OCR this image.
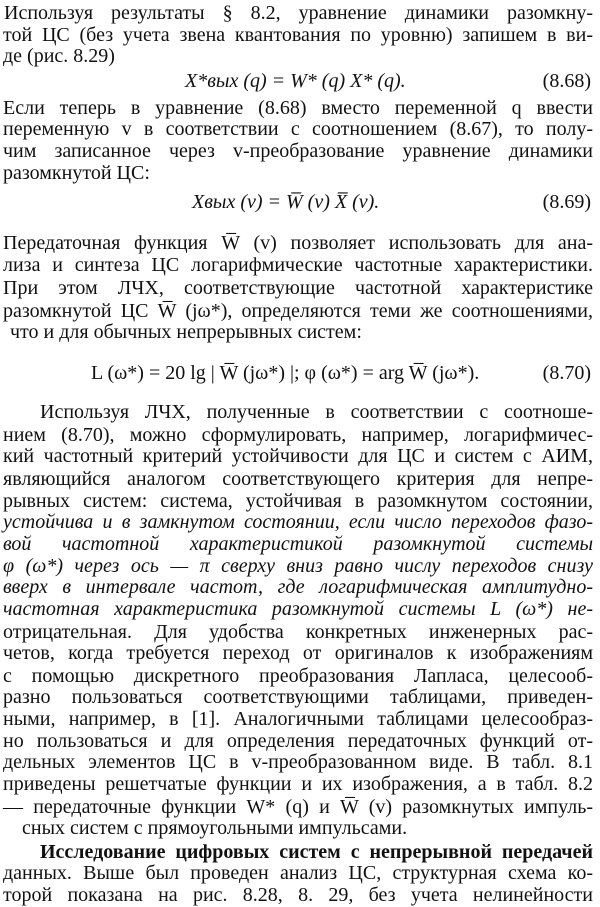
Используя результаты § 8.2, уравнение динамики разомкну-
той ЦС (без учета звена квантования по уровню) запишем в ви-
де (рис. 8.29)
X*вых (q) = W* (q) X* (q).	(8.68)
Если теперь в уравнение (8.68) вместо переменной q ввести
переменную v в соответствии с соотношением (8.67), то полу-
чим записанное через v-преобразование уравнение динамики
разомкнутой ЦС:
Xвых (v) = W̅ (v) X̅ (v).	(8.69)
Передаточная функция W̅ (v) позволяет использовать для ана-
лиза и синтеза ЦС логарифмические частотные характеристики.
При этом ЛЧХ, соответствующие частотной характеристике
разомкнутой ЦС W̅ (jω*), определяются теми же соотношениями,
что и для обычных непрерывных систем:
L (ω*) = 20 lg | W̅ (jω*) |; φ (ω*) = arg W̅ (jω*).	(8.70)
Используя ЛЧХ, полученные в соответствии с соотноше-
нием (8.70), можно сформулировать, например, логарифмичес-
кий частотный критерий устойчивости для ЦС и систем с АИМ,
являющийся аналогом соответствующего критерия для непре-
рывных систем: система, устойчивая в разомкнутом состоянии,
устойчива и в замкнутом состоянии, если число переходов фазо-
вой частотной характеристикой разомкнутой системы
φ (ω*) через ось — π сверху вниз равно числу переходов снизу
вверх в интервале частот, где логарифмическая амплитудно-
частотная характеристика разомкнутой системы L (ω*) не-
отрицательная. Для удобства конкретных инженерных рас-
четов, когда требуется переход от оригиналов к изображениям
с помощью дискретного преобразования Лапласа, целесооб-
разно пользоваться соответствующими таблицами, приведен-
ными, например, в [1]. Аналогичными таблицами целесообраз-
но пользоваться и для определения передаточных функций от-
дельных элементов ЦС в v-преобразованном виде. В табл. 8.1
приведены решетчатые функции и их изображения, а в табл. 8.2
— передаточные функции W* (q) и W̅ (v) разомкнутых импуль-
сных систем с прямоугольными импульсами.
Исследование цифровых систем с непрерывной передачей
данных. Выше был проведен анализ ЦС, структурная схема ко-
торой показана на рис. 8.28, 8. 29, без учета нелинейности
